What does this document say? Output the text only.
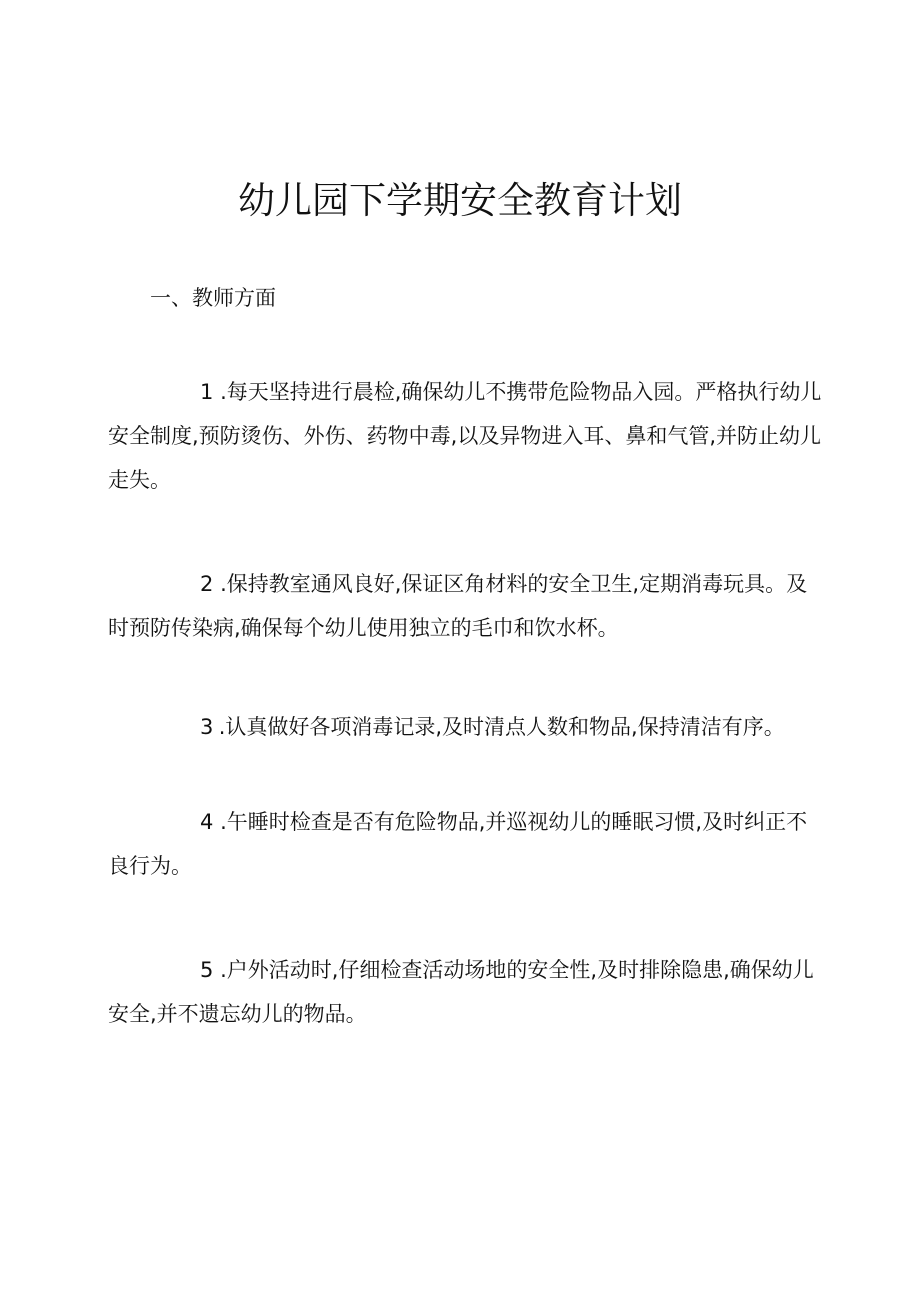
幼儿园下学期安全教育计划
一、教师方面
1 .每天坚持进行晨检,确保幼儿不携带危险物品入园。严格执行幼儿安全制度,预防烫伤、外伤、药物中毒,以及异物进入耳、鼻和气管,并防止幼儿走失。
2 .保持教室通风良好,保证区角材料的安全卫生,定期消毒玩具。及时预防传染病,确保每个幼儿使用独立的毛巾和饮水杯。
3 .认真做好各项消毒记录,及时清点人数和物品,保持清洁有序。
4 .午睡时检查是否有危险物品,并巡视幼儿的睡眠习惯,及时纠正不良行为。
5 .户外活动时,仔细检查活动场地的安全性,及时排除隐患,确保幼儿安全,并不遗忘幼儿的物品。
